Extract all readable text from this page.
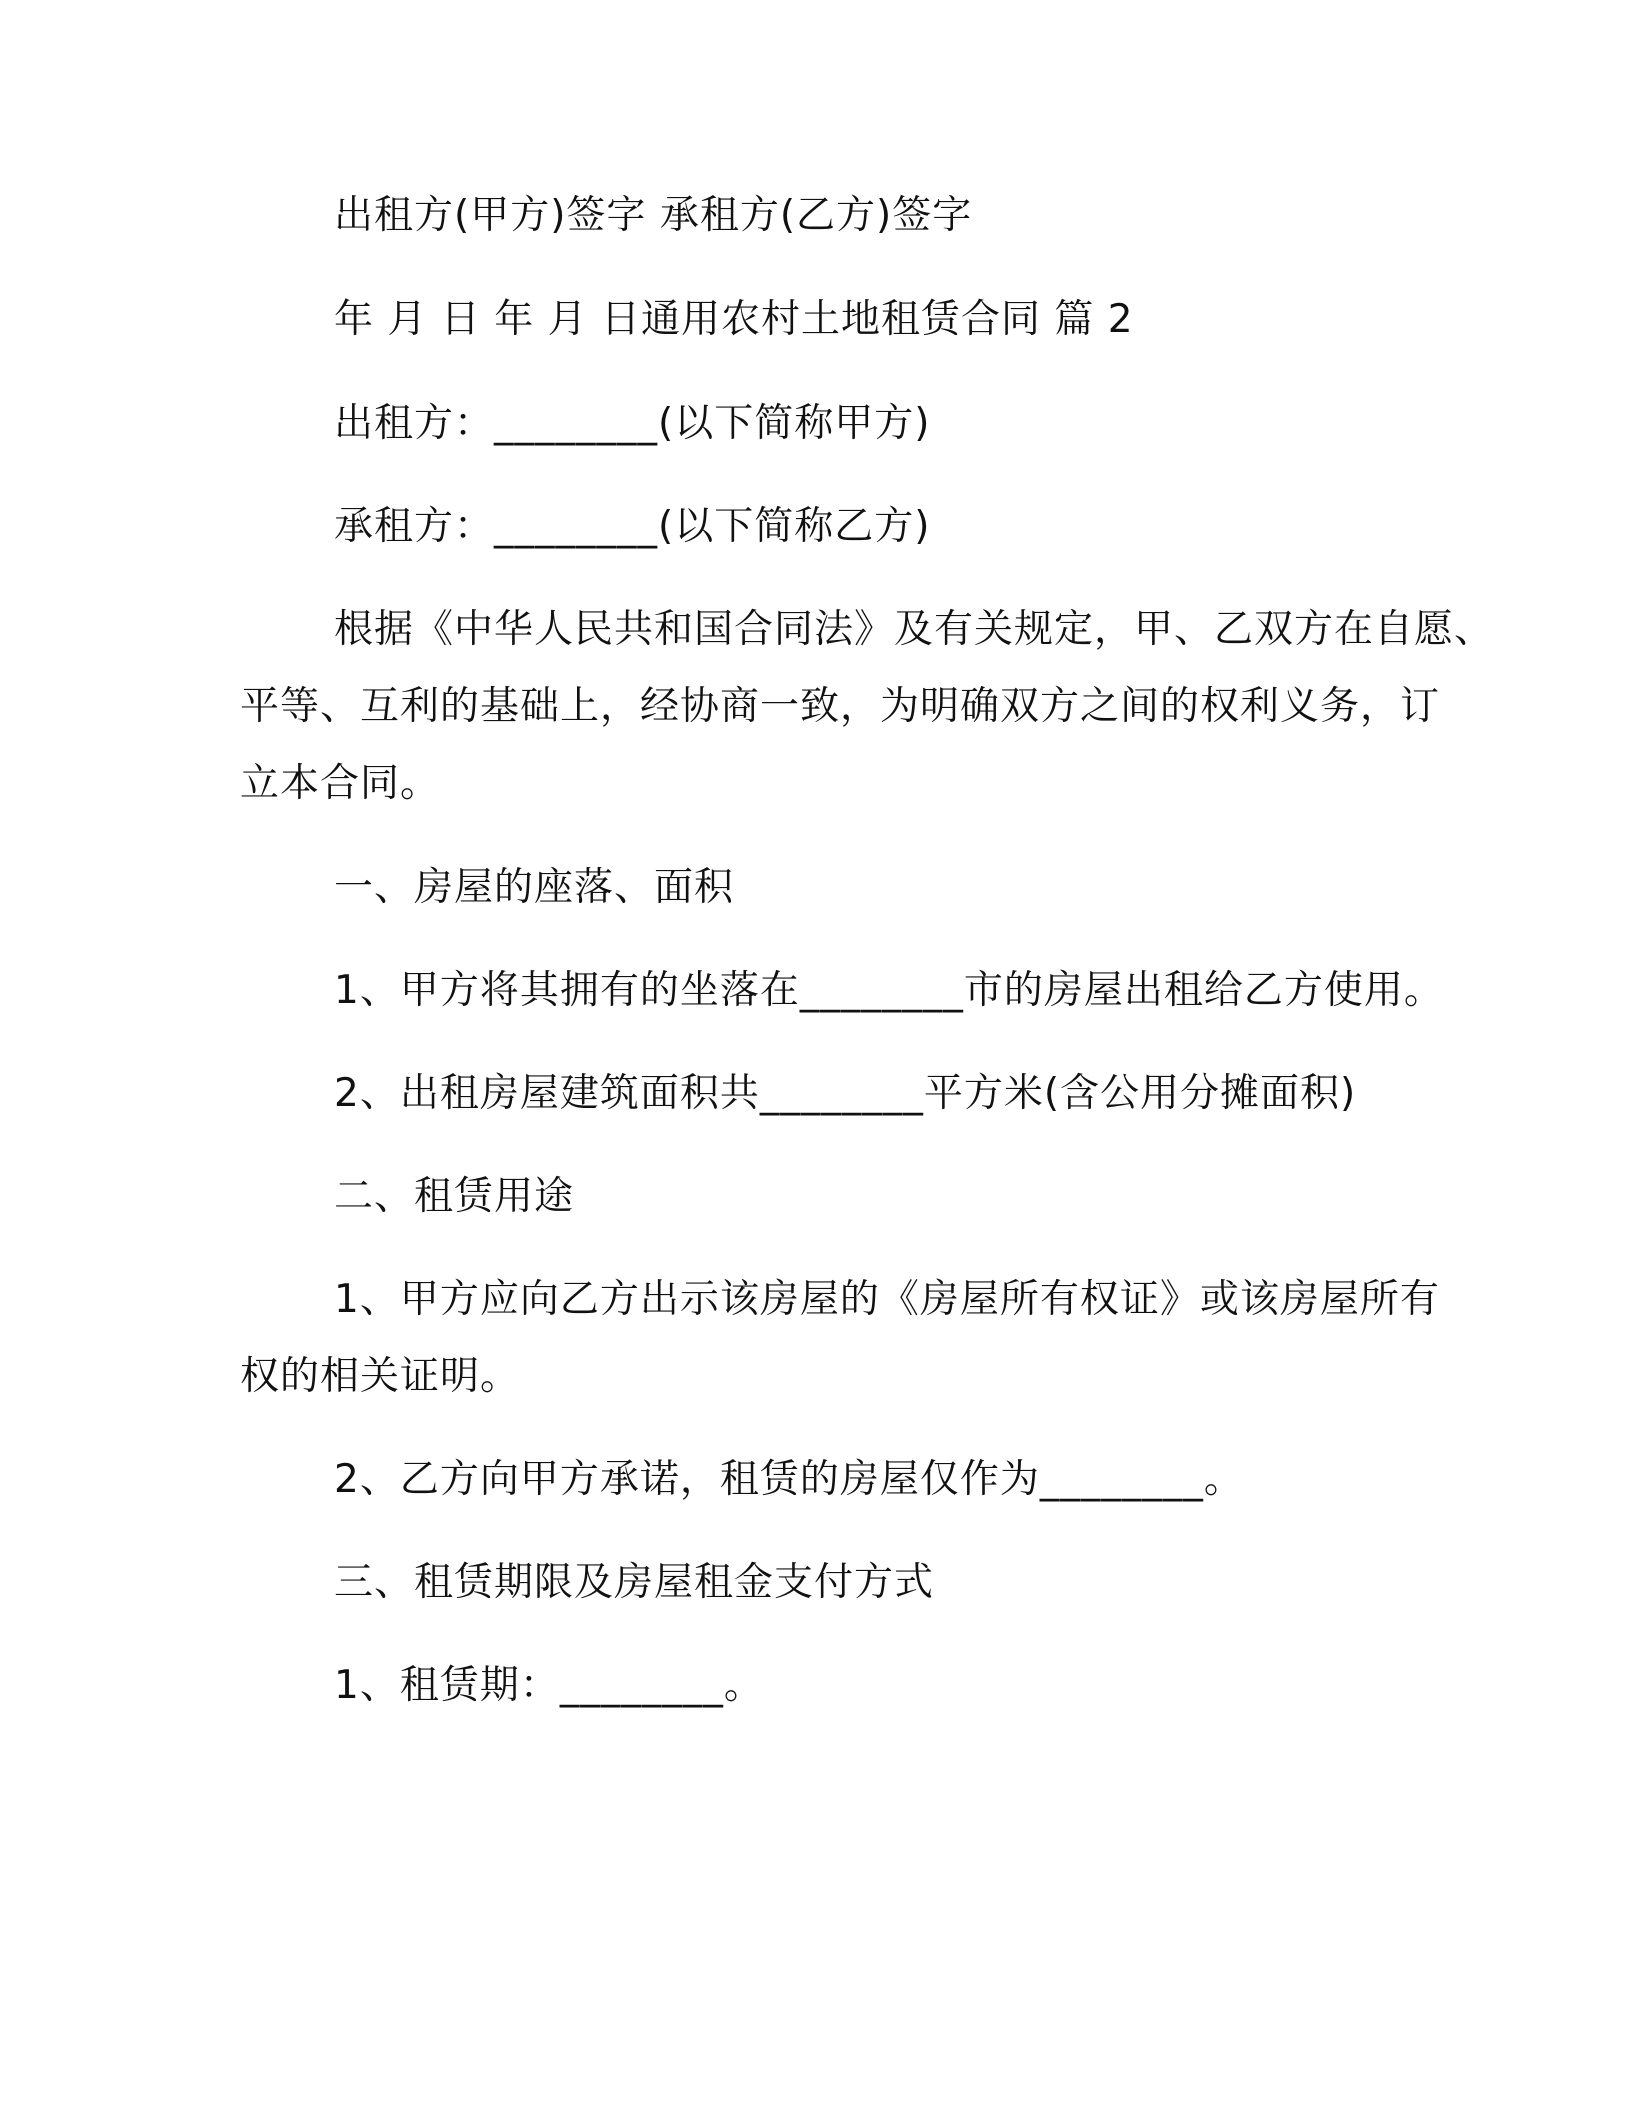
出租方(甲方)签字 承租方(乙方)签字
年 月 日 年 月 日通用农村土地租赁合同 篇 2
出租方：________(以下简称甲方)
承租方：________(以下简称乙方)
根据《中华人民共和国合同法》及有关规定，甲、乙双方在自愿、
平等、互利的基础上，经协商一致，为明确双方之间的权利义务，订
立本合同。
一、房屋的座落、面积
1、甲方将其拥有的坐落在________市的房屋出租给乙方使用。
2、出租房屋建筑面积共________平方米(含公用分摊面积)
二、租赁用途
1、甲方应向乙方出示该房屋的《房屋所有权证》或该房屋所有
权的相关证明。
2、乙方向甲方承诺，租赁的房屋仅作为________。
三、租赁期限及房屋租金支付方式
1、租赁期：________。
